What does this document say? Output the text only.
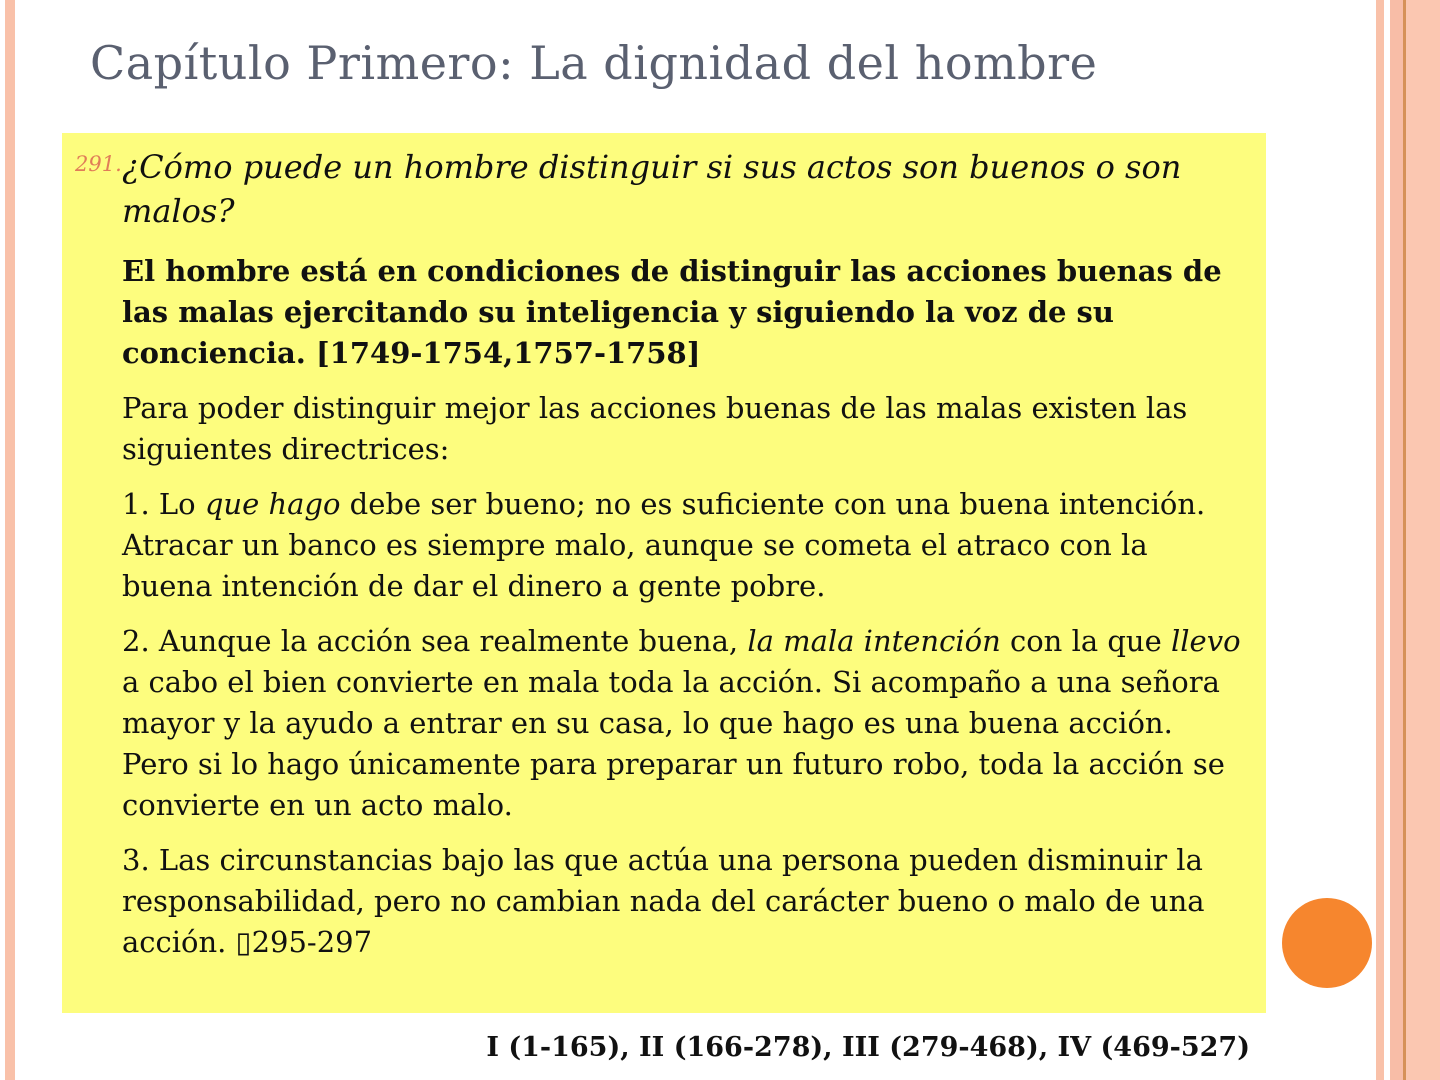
Capítulo Primero: La dignidad del hombre
291. ¿Cómo puede un hombre distinguir si sus actos son buenos o son malos?

El hombre está en condiciones de distinguir las acciones buenas de las malas ejercitando su inteligencia y siguiendo la voz de su conciencia. [1749-1754,1757-1758]

Para poder distinguir mejor las acciones buenas de las malas existen las siguientes directrices:

1. Lo que hago debe ser bueno; no es suficiente con una buena intención. Atracar un banco es siempre malo, aunque se cometa el atraco con la buena intención de dar el dinero a gente pobre.

2. Aunque la acción sea realmente buena, la mala intención con la que llevo a cabo el bien convierte en mala toda la acción. Si acompaño a una señora mayor y la ayudo a entrar en su casa, lo que hago es una buena acción. Pero si lo hago únicamente para preparar un futuro robo, toda la acción se convierte en un acto malo.

3. Las circunstancias bajo las que actúa una persona pueden disminuir la responsabilidad, pero no cambian nada del carácter bueno o malo de una acción. ▯295-297

I (1-165), II (166-278), III (279-468), IV (469-527)
